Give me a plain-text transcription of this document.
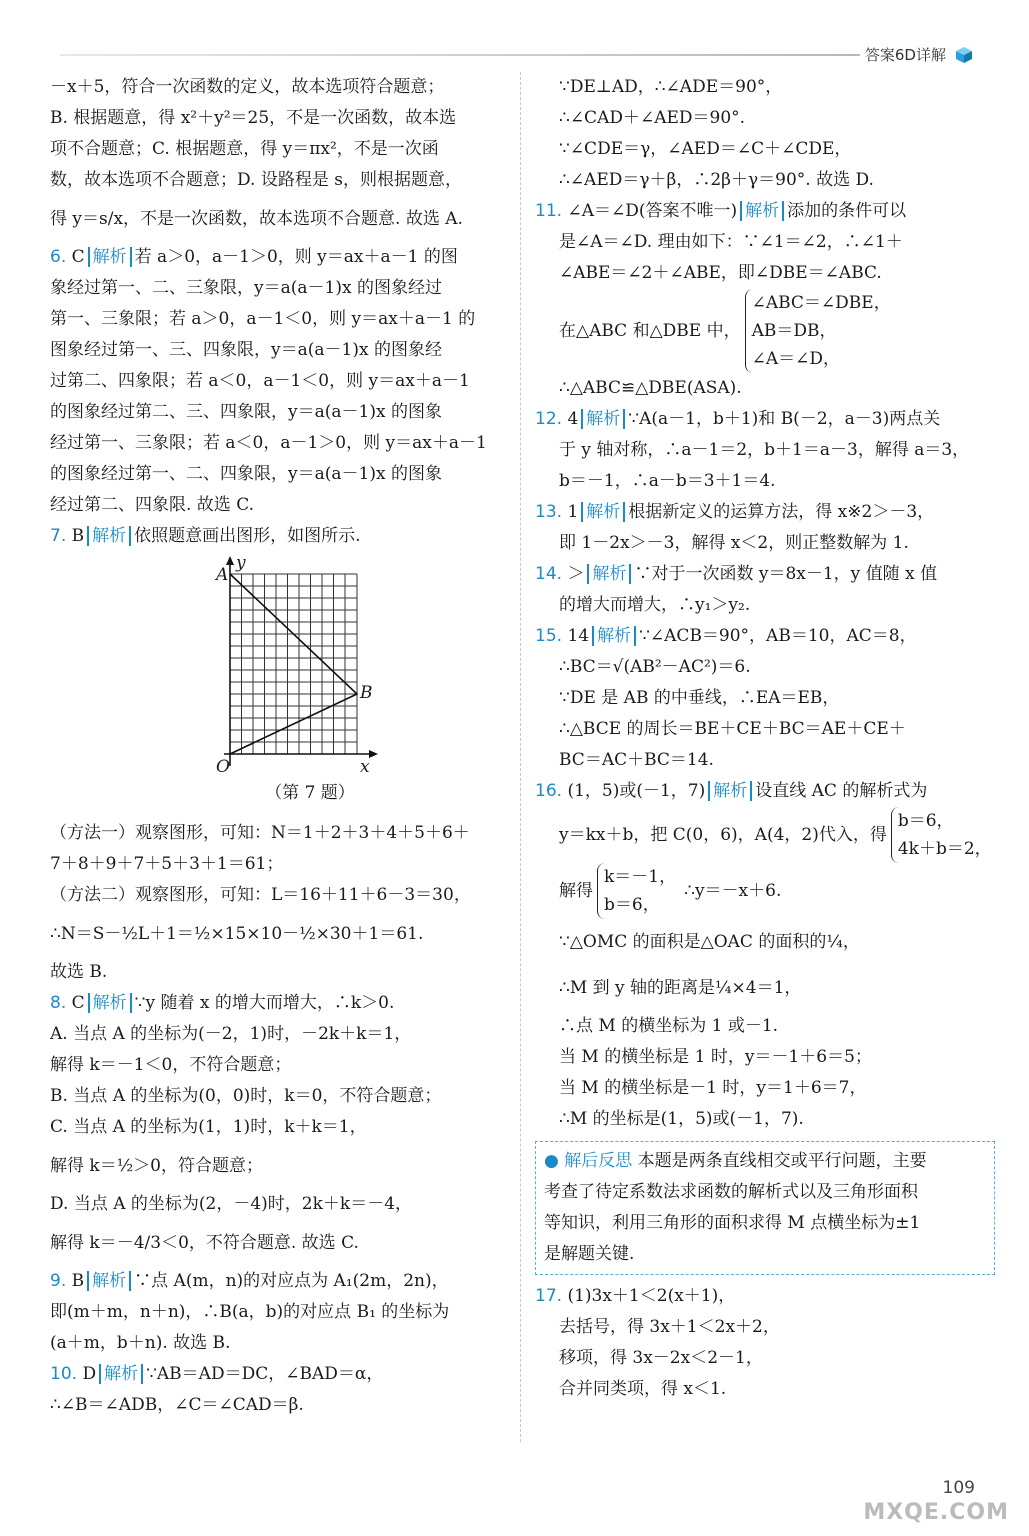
答案6D详解
－x＋5，符合一次函数的定义，故本选项符合题意；
B. 根据题意，得 x²＋y²＝25，不是一次函数，故本选
项不合题意；C. 根据题意，得 y＝πx²，不是一次函
数，故本选项不合题意；D. 设路程是 s，则根据题意，
得 y＝s/x，不是一次函数，故本选项不合题意. 故选 A.
6. C 解析 若 a＞0，a－1＞0，则 y＝ax＋a－1 的图
象经过第一、二、三象限，y＝a(a－1)x 的图象经过
第一、三象限；若 a＞0，a－1＜0，则 y＝ax＋a－1 的
图象经过第一、三、四象限，y＝a(a－1)x 的图象经
过第二、四象限；若 a＜0，a－1＜0，则 y＝ax＋a－1
的图象经过第二、三、四象限，y＝a(a－1)x 的图象
经过第一、三象限；若 a＜0，a－1＞0，则 y＝ax＋a－1
的图象经过第一、二、四象限，y＝a(a－1)x 的图象
经过第二、四象限. 故选 C.
7. B 解析 依照题意画出图形，如图所示.
y
A
B
O	x
（第 7 题）
（方法一）观察图形，可知：N＝1＋2＋3＋4＋5＋6＋
7＋8＋9＋7＋5＋3＋1＝61；
（方法二）观察图形，可知：L＝16＋11＋6－3＝30，
∴N＝S－½L＋1＝½×15×10－½×30＋1＝61.
故选 B.
8. C 解析 ∵y 随着 x 的增大而增大，∴k＞0.
A. 当点 A 的坐标为(－2，1)时，－2k＋k＝1，
解得 k＝－1＜0，不符合题意；
B. 当点 A 的坐标为(0，0)时，k＝0，不符合题意；
C. 当点 A 的坐标为(1，1)时，k＋k＝1，
解得 k＝½＞0，符合题意；
D. 当点 A 的坐标为(2，－4)时，2k＋k＝－4，
解得 k＝－4/3＜0，不符合题意. 故选 C.
9. B 解析 ∵点 A(m，n)的对应点为 A₁(2m，2n)，
即(m＋m，n＋n)，∴B(a，b)的对应点 B₁ 的坐标为
(a＋m，b＋n). 故选 B.
10. D 解析 ∵AB＝AD＝DC，∠BAD＝α，
∴∠B＝∠ADB，∠C＝∠CAD＝β.
∵DE⊥AD，∴∠ADE＝90°，
∴∠CAD＋∠AED＝90°.
∵∠CDE＝γ，∠AED＝∠C＋∠CDE，
∴∠AED＝γ＋β，∴2β＋γ＝90°. 故选 D.
11. ∠A＝∠D(答案不唯一) 解析 添加的条件可以
是∠A＝∠D. 理由如下：∵∠1＝∠2，∴∠1＋
∠ABE＝∠2＋∠ABE，即∠DBE＝∠ABC.
在△ABC 和△DBE 中，
∠ABC＝∠DBE，
AB＝DB，
∠A＝∠D，
∴△ABC≌△DBE(ASA).
12. 4 解析 ∵A(a－1，b＋1)和 B(－2，a－3)两点关
于 y 轴对称，∴a－1＝2，b＋1＝a－3，解得 a＝3，
b＝－1，∴a－b＝3＋1＝4.
13. 1 解析 根据新定义的运算方法，得 x※2＞－3，
即 1－2x＞－3，解得 x＜2，则正整数解为 1.
14. ＞ 解析 ∵对于一次函数 y＝8x－1，y 值随 x 值
的增大而增大，∴y₁＞y₂.
15. 14 解析 ∵∠ACB＝90°，AB＝10，AC＝8，
∴BC＝√(AB²－AC²)＝6.
∵DE 是 AB 的中垂线，∴EA＝EB，
∴△BCE 的周长＝BE＋CE＋BC＝AE＋CE＋
BC＝AC＋BC＝14.
16. (1，5)或(－1，7) 解析 设直线 AC 的解析式为
y＝kx＋b，把 C(0，6)，A(4，2)代入，得
b＝6，
4k＋b＝2，
解得
k＝－1，
b＝6，
∴y＝－x＋6.
∵△OMC 的面积是△OAC 的面积的¼，
∴M 到 y 轴的距离是¼×4＝1，
∴点 M 的横坐标为 1 或－1.
当 M 的横坐标是 1 时，y＝－1＋6＝5；
当 M 的横坐标是－1 时，y＝1＋6＝7，
∴M 的坐标是(1，5)或(－1，7).
● 解后反思 本题是两条直线相交或平行问题，主要
考查了待定系数法求函数的解析式以及三角形面积
等知识，利用三角形的面积求得 M 点横坐标为±1
是解题关键.
17. (1)3x＋1＜2(x＋1)，
去括号，得 3x＋1＜2x＋2，
移项，得 3x－2x＜2－1，
合并同类项，得 x＜1.
109
MXQE.COM
